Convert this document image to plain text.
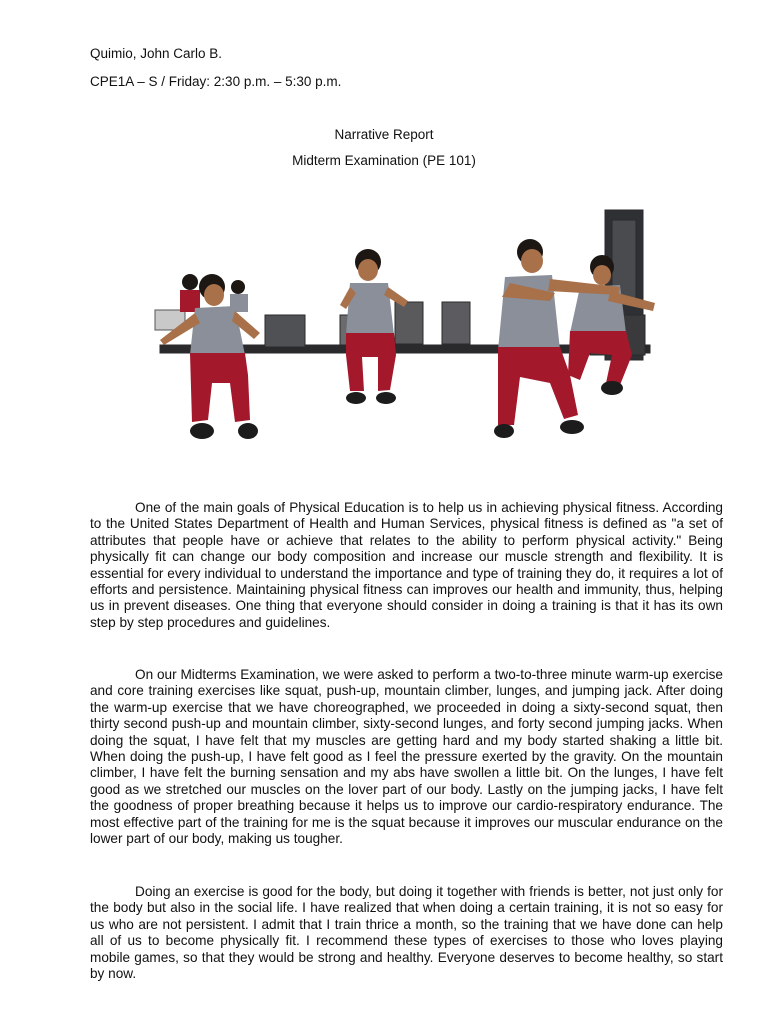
Quimio, John Carlo B.
CPE1A – S / Friday: 2:30 p.m. – 5:30 p.m.
Narrative Report
Midterm Examination (PE 101)

One of the main goals of Physical Education is to help us in achieving physical fitness. According to the United States Department of Health and Human Services, physical fitness is defined as "a set of attributes that people have or achieve that relates to the ability to perform physical activity." Being physically fit can change our body composition and increase our muscle strength and flexibility. It is essential for every individual to understand the importance and type of training they do, it requires a lot of efforts and persistence. Maintaining physical fitness can improves our health and immunity, thus, helping us in prevent diseases. One thing that everyone should consider in doing a training is that it has its own step by step procedures and guidelines.

On our Midterms Examination, we were asked to perform a two-to-three minute warm-up exercise and core training exercises like squat, push-up, mountain climber, lunges, and jumping jack. After doing the warm-up exercise that we have choreographed, we proceeded in doing a sixty-second squat, then thirty second push-up and mountain climber, sixty-second lunges, and forty second jumping jacks. When doing the squat, I have felt that my muscles are getting hard and my body started shaking a little bit. When doing the push-up, I have felt good as I feel the pressure exerted by the gravity. On the mountain climber, I have felt the burning sensation and my abs have swollen a little bit. On the lunges, I have felt good as we stretched our muscles on the lover part of our body. Lastly on the jumping jacks, I have felt the goodness of proper breathing because it helps us to improve our cardio-respiratory endurance. The most effective part of the training for me is the squat because it improves our muscular endurance on the lower part of our body, making us tougher.

Doing an exercise is good for the body, but doing it together with friends is better, not just only for the body but also in the social life. I have realized that when doing a certain training, it is not so easy for us who are not persistent. I admit that I train thrice a month, so the training that we have done can help all of us to become physically fit. I recommend these types of exercises to those who loves playing mobile games, so that they would be strong and healthy. Everyone deserves to become healthy, so start by now.
